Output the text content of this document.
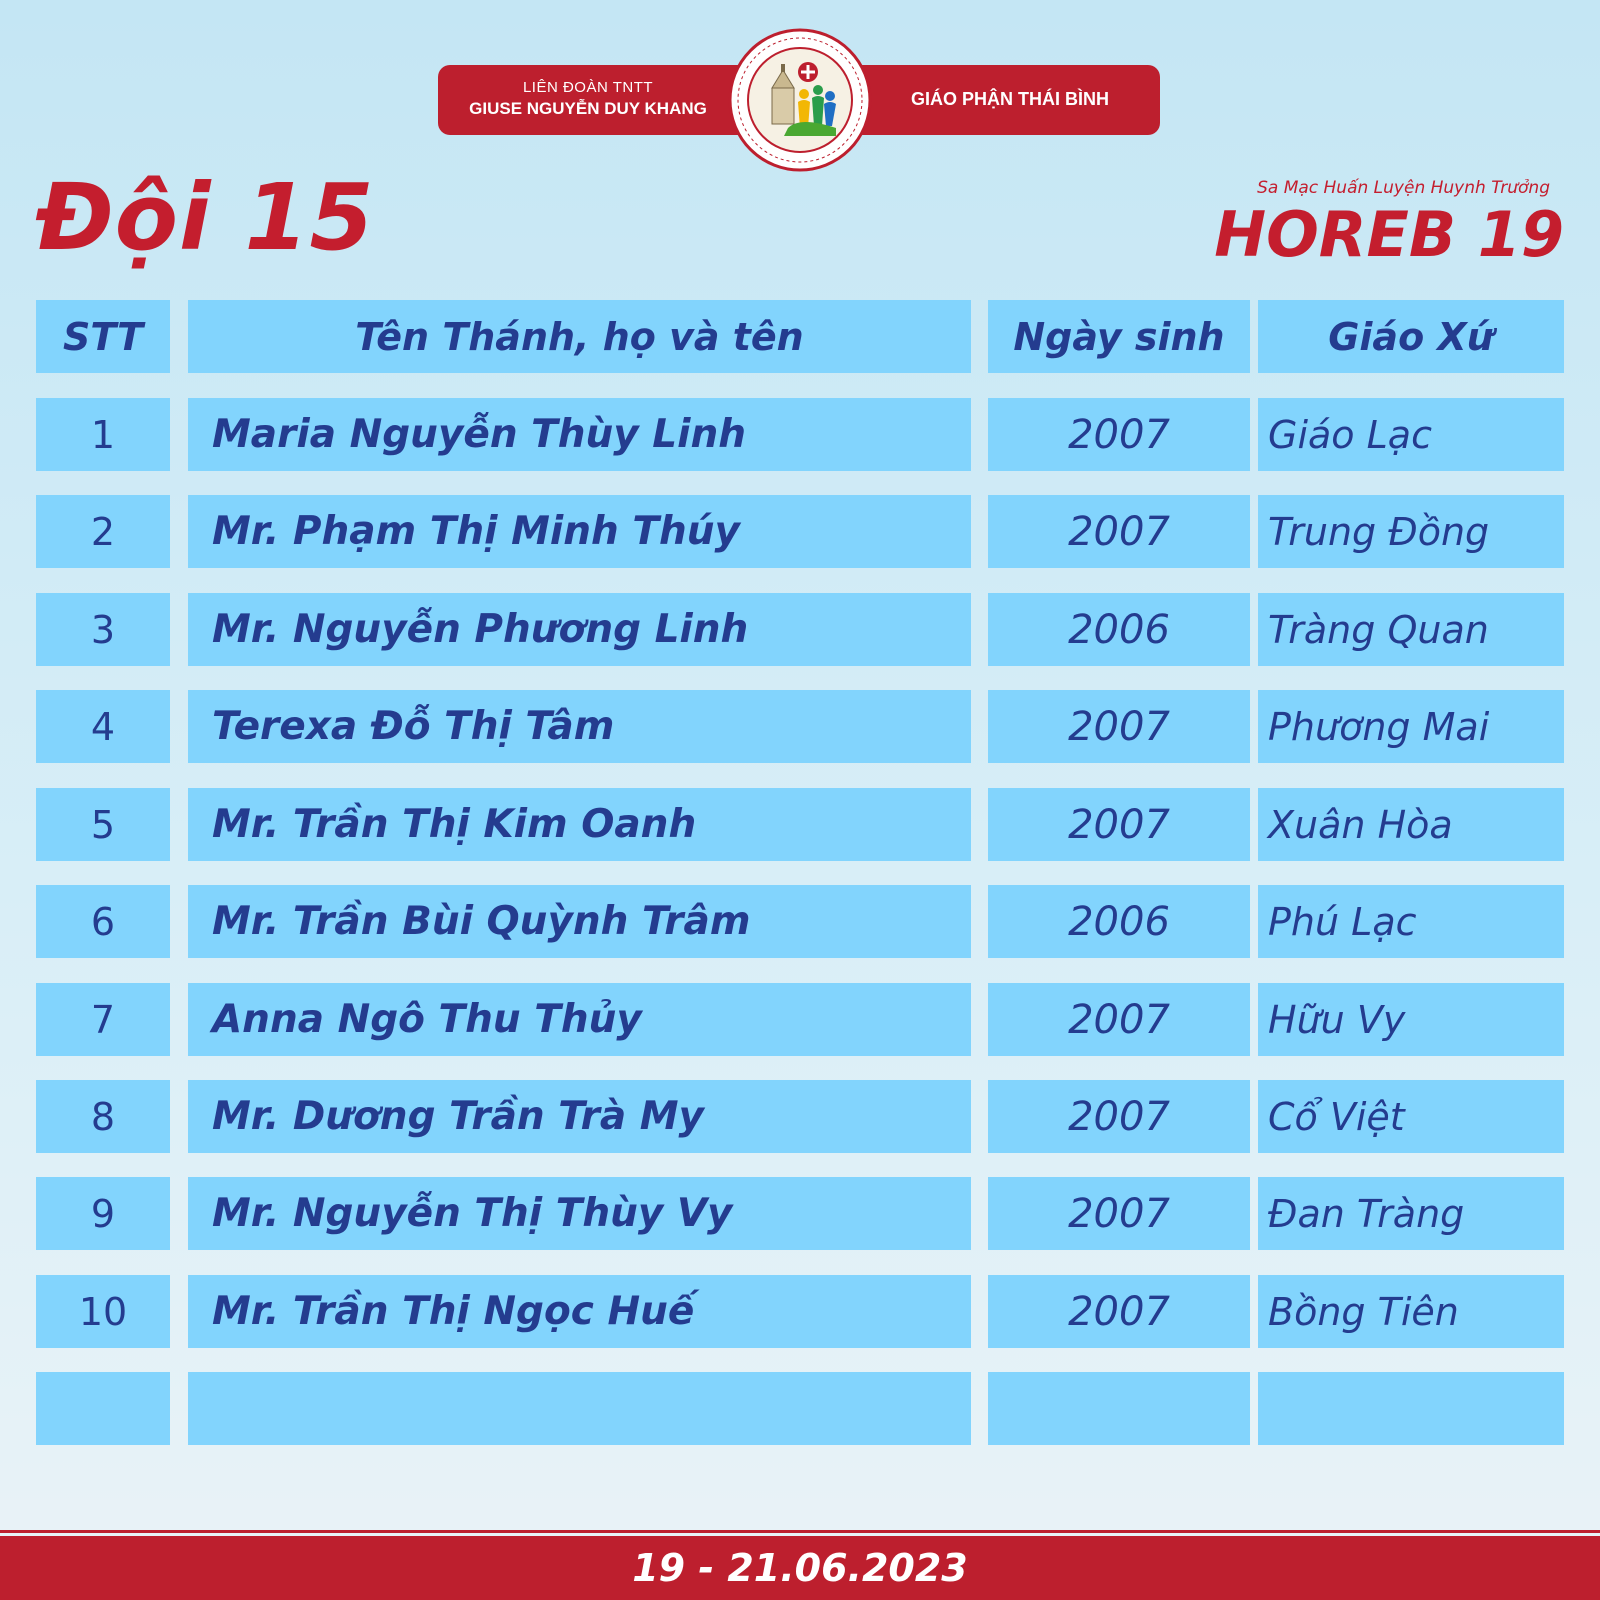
LIÊN ĐOÀN TNTT
GIUSE NGUYỄN DUY KHANG	GIÁO PHẬN THÁI BÌNH
Đội 15	Sa Mạc Huấn Luyện Huynh Trưởng
HOREB 19
STT	Tên Thánh, họ và tên	Ngày sinh	Giáo Xứ
1	Maria Nguyễn Thùy Linh	2007	Giáo Lạc
2	Mr. Phạm Thị Minh Thúy	2007	Trung Đồng
3	Mr. Nguyễn Phương Linh	2006	Tràng Quan
4	Terexa Đỗ Thị Tâm	2007	Phương Mai
5	Mr. Trần Thị Kim Oanh	2007	Xuân Hòa
6	Mr. Trần Bùi Quỳnh Trâm	2006	Phú Lạc
7	Anna Ngô Thu Thủy	2007	Hữu Vy
8	Mr. Dương Trần Trà My	2007	Cổ Việt
9	Mr. Nguyễn Thị Thùy Vy	2007	Đan Tràng
10	Mr. Trần Thị Ngọc Huế	2007	Bồng Tiên
19 - 21.06.2023
